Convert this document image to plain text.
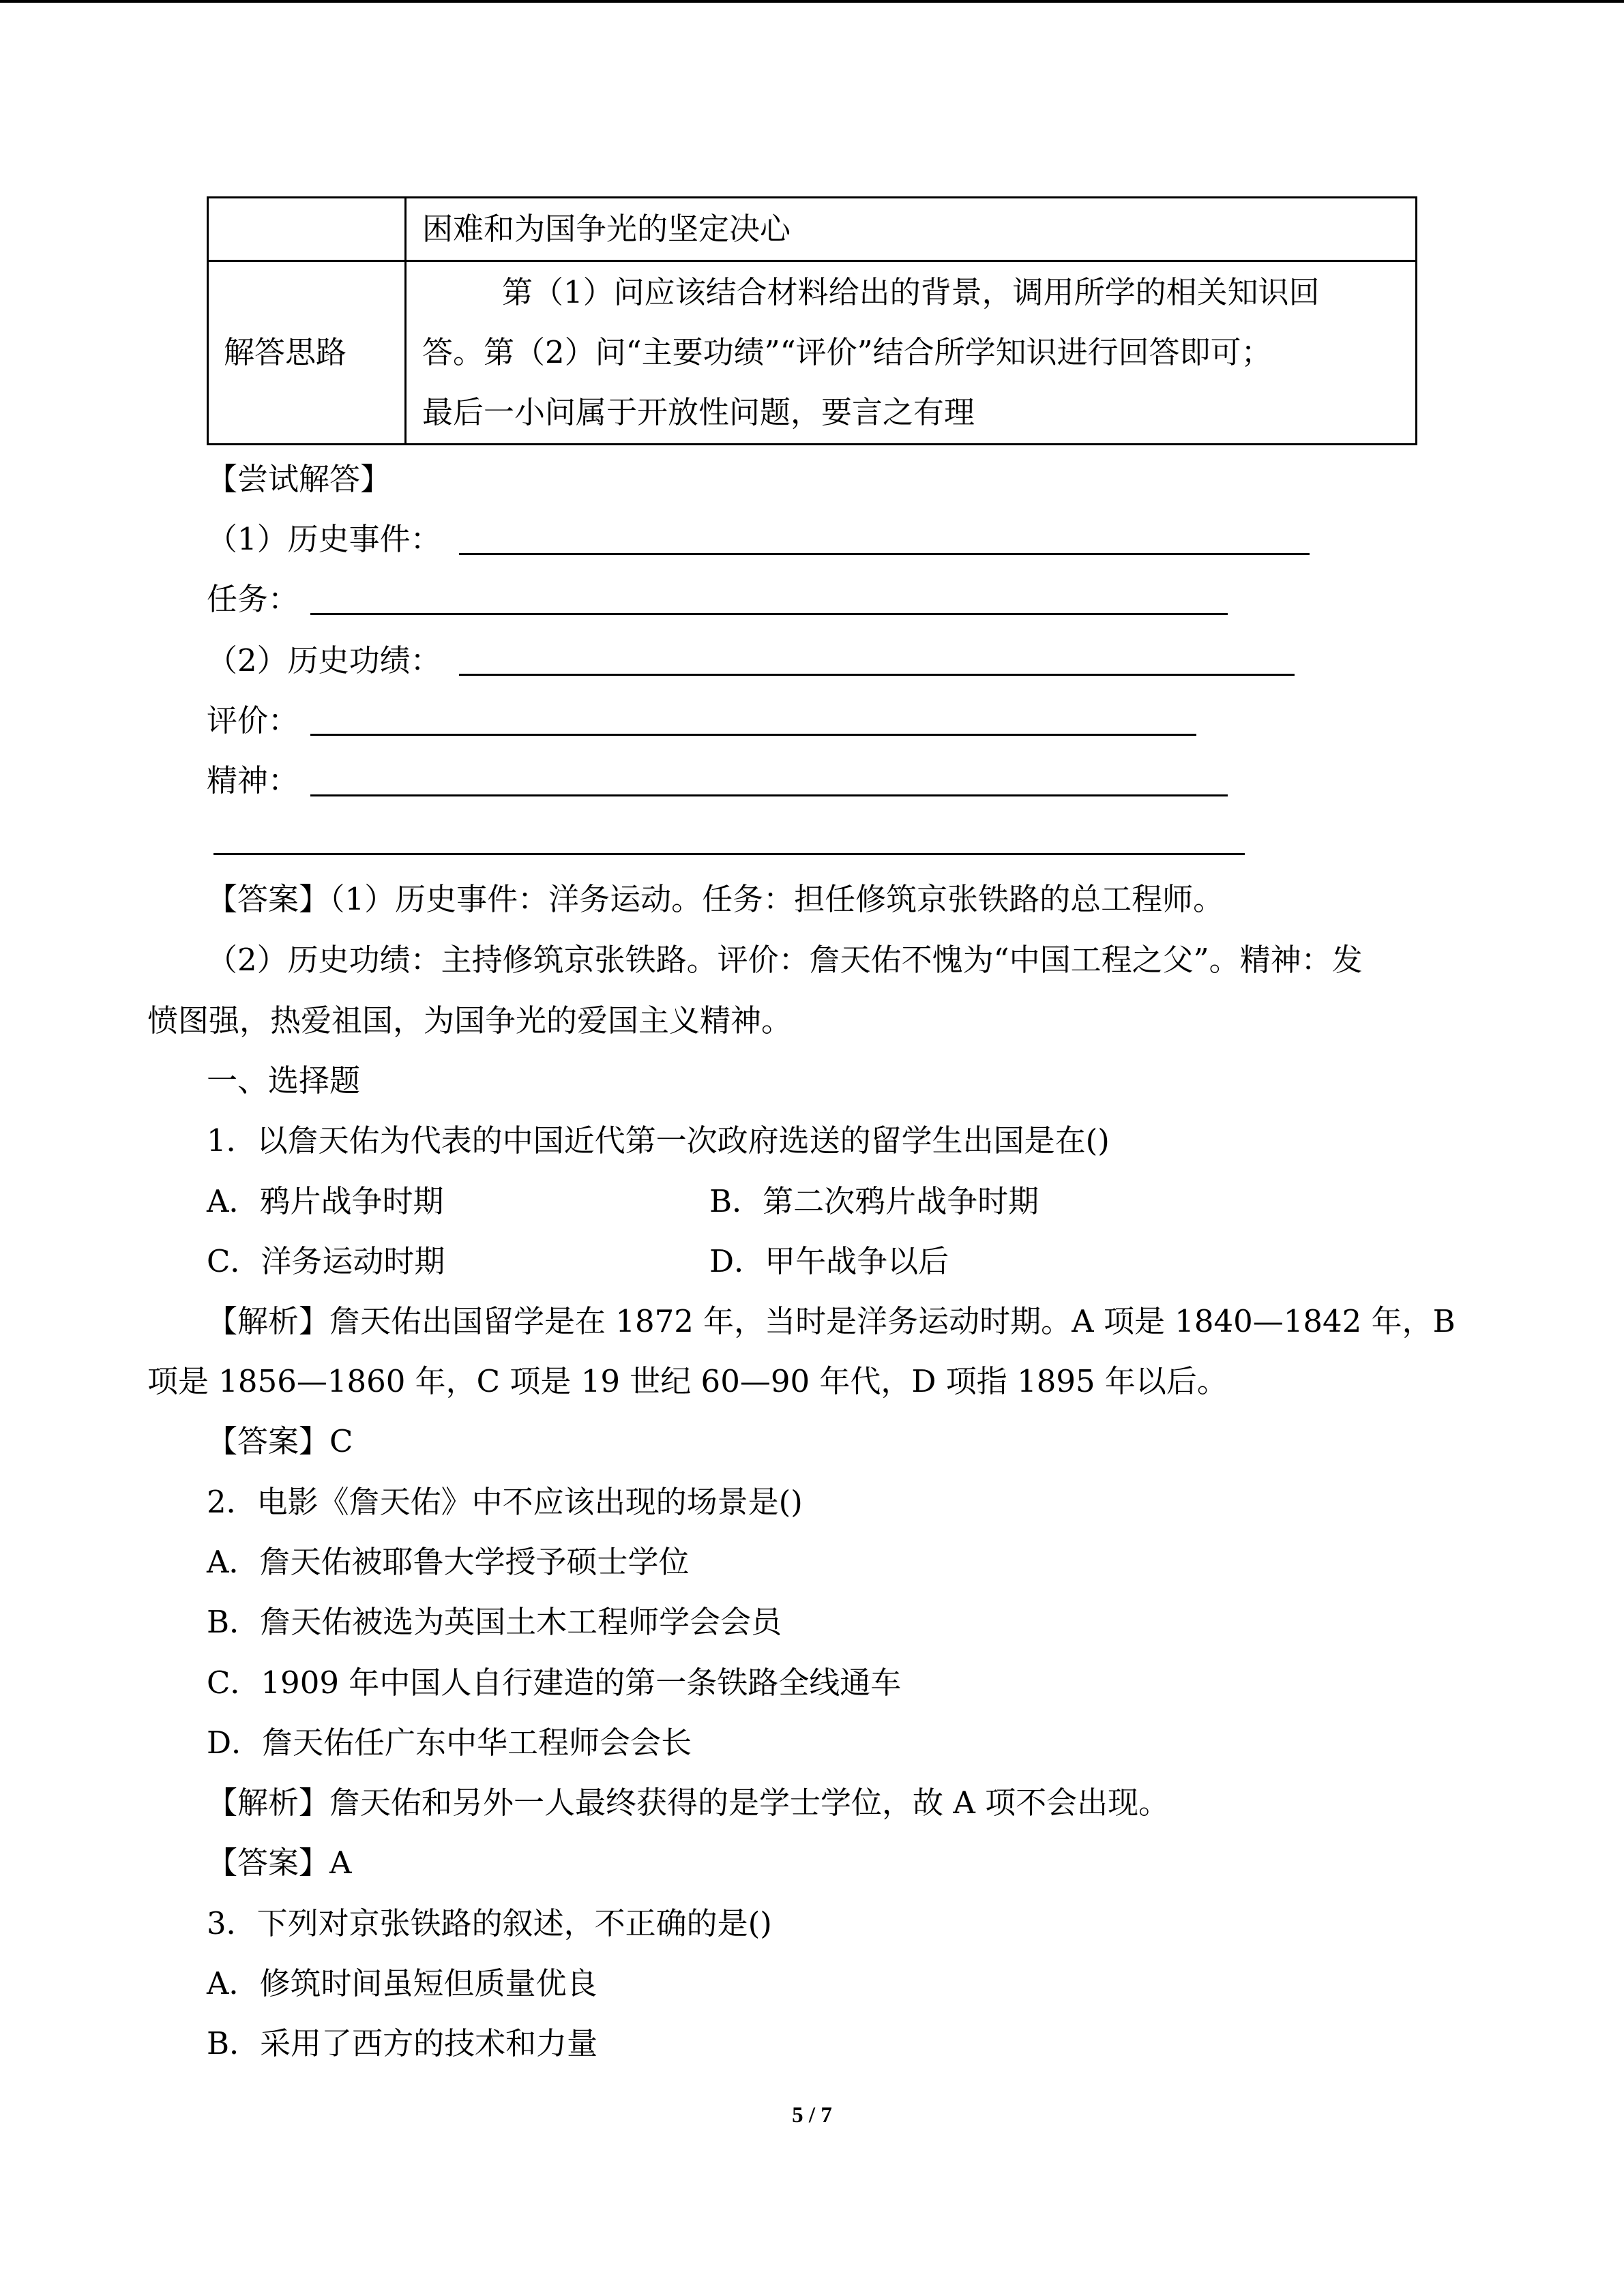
	困难和为国争光的坚定决心
解答思路	第（1）问应该结合材料给出的背景，调用所学的相关知识回
答。第（2）问“主要功绩”“评价”结合所学知识进行回答即可；
最后一小问属于开放性问题，要言之有理
【尝试解答】
（1）历史事件：
任务：
（2）历史功绩：
评价：
精神：
【答案】（1）历史事件：洋务运动。任务：担任修筑京张铁路的总工程师。
（2）历史功绩：主持修筑京张铁路。评价：詹天佑不愧为“中国工程之父”。精神：发
愤图强，热爱祖国，为国争光的爱国主义精神。
一、选择题
1．以詹天佑为代表的中国近代第一次政府选送的留学生出国是在()
A．鸦片战争时期	B．第二次鸦片战争时期
C．洋务运动时期	D．甲午战争以后
【解析】詹天佑出国留学是在 1872 年，当时是洋务运动时期。A 项是 1840—1842 年，B
项是 1856—1860 年，C 项是 19 世纪 60—90 年代，D 项指 1895 年以后。
【答案】C
2．电影《詹天佑》中不应该出现的场景是()
A．詹天佑被耶鲁大学授予硕士学位
B．詹天佑被选为英国土木工程师学会会员
C．1909 年中国人自行建造的第一条铁路全线通车
D．詹天佑任广东中华工程师会会长
【解析】詹天佑和另外一人最终获得的是学士学位，故 A 项不会出现。
【答案】A
3．下列对京张铁路的叙述，不正确的是()
A．修筑时间虽短但质量优良
B．采用了西方的技术和力量
5 / 7
